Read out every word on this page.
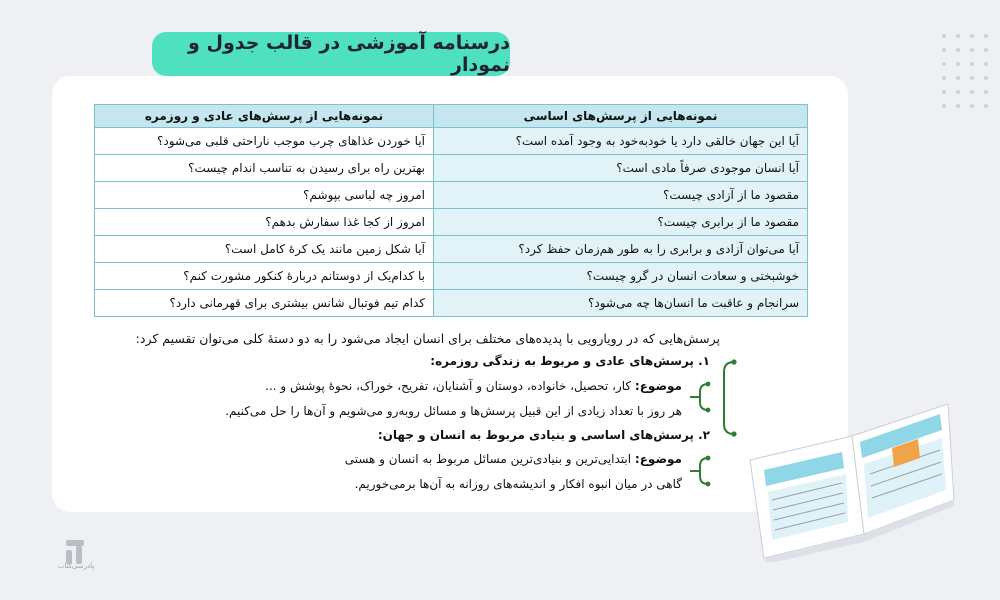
درسنامه آموزشی در قالب جدول و نمودار
نمونه‌هایی از پرسش‌های اساسی	نمونه‌هایی از پرسش‌های عادی و روزمره
آیا این جهان خالقی دارد یا خودبه‌خود به وجود آمده است؟	آیا خوردن غذاهای چرب موجب ناراحتی قلبی می‌شود؟
آیا انسان موجودی صرفاً مادی است؟	بهترین راه برای رسیدن به تناسب اندام چیست؟
مقصود ما از آزادی چیست؟	امروز چه لباسی بپوشم؟
مقصود ما از برابری چیست؟	امروز از کجا غذا سفارش بدهم؟
آیا می‌توان آزادی و برابری را به طور هم‌زمان حفظ کرد؟	آیا شکل زمین مانند یک کرهٔ کامل است؟
خوشبختی و سعادت انسان در گرو چیست؟	با کدام‌یک از دوستانم دربارهٔ کنکور مشورت کنم؟
سرانجام و عاقبت ما انسان‌ها چه می‌شود؟	کدام تیم فوتبال شانس بیشتری برای قهرمانی دارد؟
پرسش‌هایی که در رویارویی با پدیده‌های مختلف برای انسان ایجاد می‌شود را به دو دستهٔ کلی می‌توان تقسیم کرد:
۱. پرسش‌های عادی و مربوط به زندگی روزمره:
موضوع: کار، تحصیل، خانواده، دوستان و آشنایان، تفریح، خوراک، نحوهٔ پوشش و ...
هر روز با تعداد زیادی از این قبیل پرسش‌ها و مسائل روبه‌رو می‌شویم و آن‌ها را حل می‌کنیم.
۲. پرسش‌های اساسی و بنیادی مربوط به انسان و جهان:
موضوع: ابتدایی‌ترین و بنیادی‌ترین مسائل مربوط به انسان و هستی
گاهی در میان انبوه افکار و اندیشه‌های روزانه به آن‌ها برمی‌خوریم.
پادرسی‌کتاب
